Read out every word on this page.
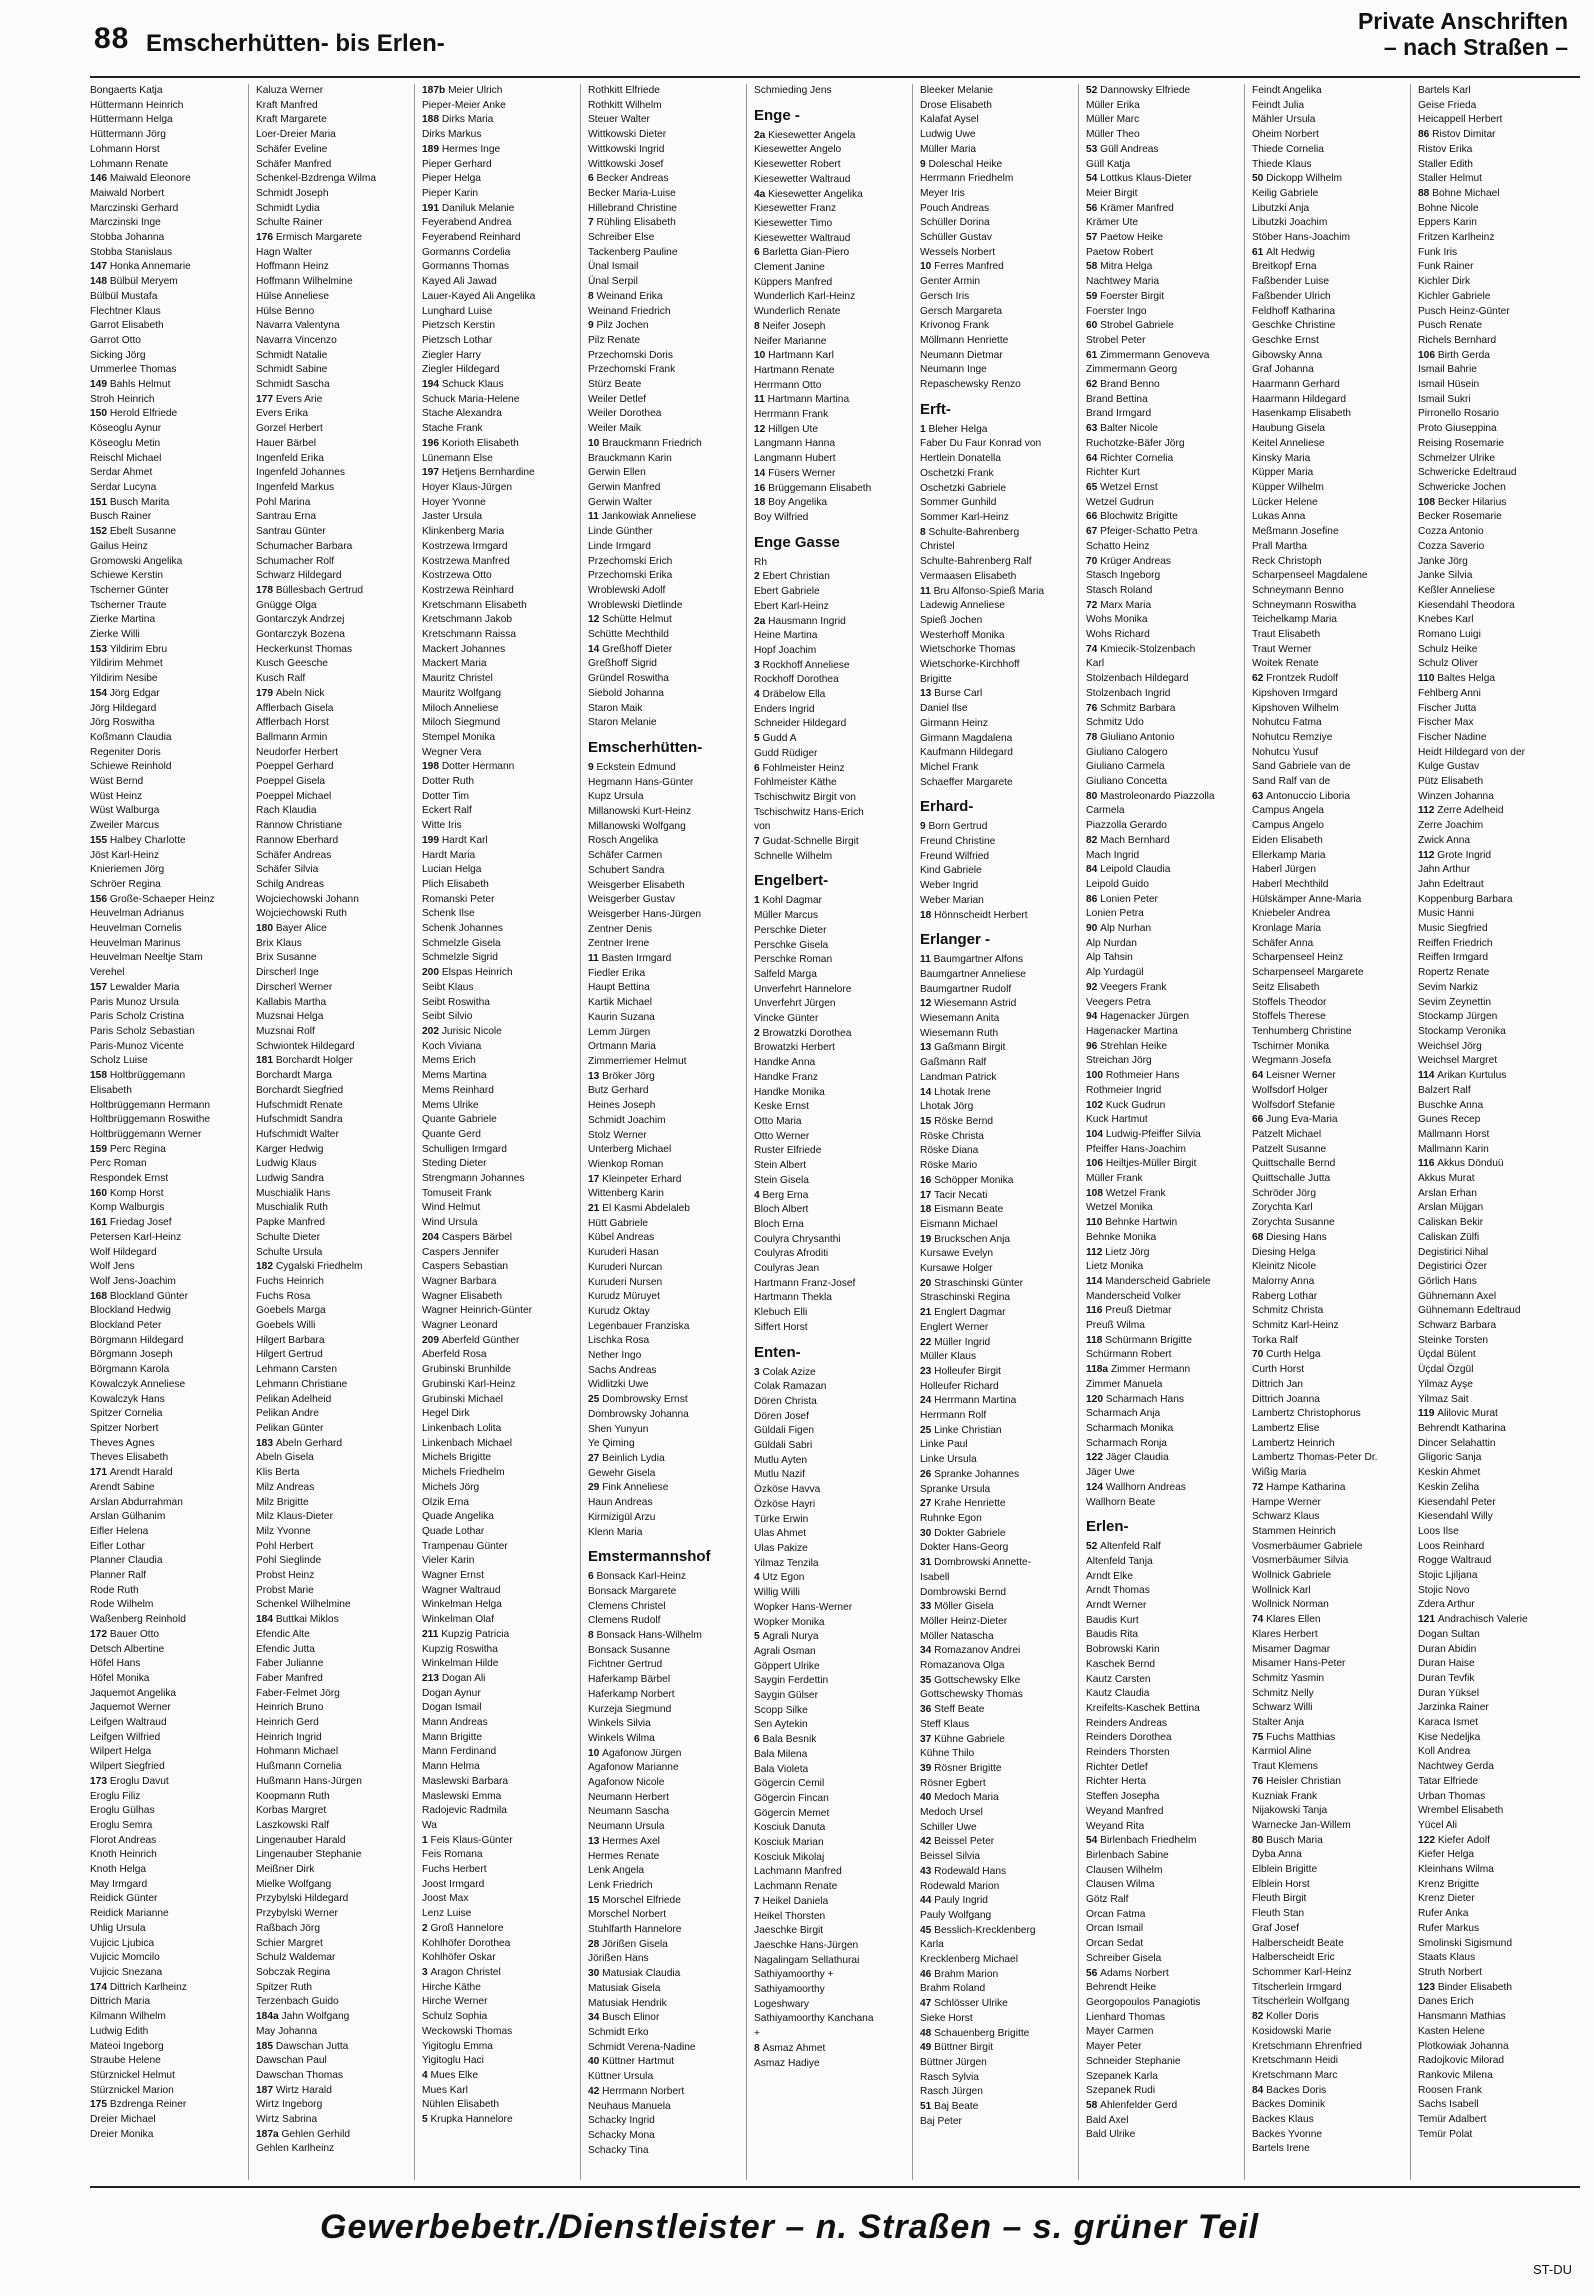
88 Emscherhütten- bis Erlen-
Private Anschriften
– nach Straßen –
Bongaerts Katja
Hüttermann Heinrich
Hüttermann Helga
Hüttermann Jörg
Lohmann Horst
Lohmann Renate
146 Maiwald Eleonore
Maiwald Norbert
Marczinski Gerhard
Marczinski Inge
Stobba Johanna
Stobba Stanislaus
147 Honka Annemarie
148 Bülbül Meryem
Bülbül Mustafa
Flechtner Klaus
Garrot Elisabeth
Garrot Otto
Sicking Jörg
Ummerlee Thomas
149 Bahls Helmut
Stroh Heinrich
150 Herold Elfriede
Köseoglu Aynur
Köseoglu Metin
Reischl Michael
Serdar Ahmet
Serdar Lucyna
151 Busch Marita
Busch Rainer
152 Ebelt Susanne
Gailus Heinz
Gromowski Angelika
Schiewe Kerstin
Tscherner Günter
Tscherner Traute
Zierke Martina
Zierke Willi
153 Yildirim Ebru
Yildirim Mehmet
Yildirim Nesibe
154 Jörg Edgar
Jörg Hildegard
Jörg Roswitha
Koßmann Claudia
Regeniter Doris
Schiewe Reinhold
Wüst Bernd
Wüst Heinz
Wüst Walburga
Zweiler Marcus
155 Halbey Charlotte
Jöst Karl-Heinz
Knieriemen Jörg
Schröer Regina
156 Große-Schaeper Heinz
Heuvelman Adrianus
Heuvelman Cornelis
Heuvelman Marinus
Heuvelman Neeltje Stam
Verehel
157 Lewalder Maria
Paris Munoz Ursula
Paris Scholz Cristina
Paris Scholz Sebastian
Paris-Munoz Vicente
Scholz Luise
158 Holtbrüggemann
Elisabeth
Holtbrüggemann Hermann
Holtbrüggemann Roswithe
Holtbrüggemann Werner
159 Perc Regina
Perc Roman
Respondek Ernst
160 Komp Horst
Komp Walburgis
161 Friedag Josef
Petersen Karl-Heinz
Wolf Hildegard
Wolf Jens
Wolf Jens-Joachim
168 Blockland Günter
Blockland Hedwig
Blockland Peter
Börgmann Hildegard
Börgmann Joseph
Börgmann Karola
Kowalczyk Anneliese
Kowalczyk Hans
Spitzer Cornelia
Spitzer Norbert
Theves Agnes
Theves Elisabeth
171 Arendt Harald
Arendt Sabine
Arslan Abdurrahman
Arslan Gülhanim
Eifler Helena
Eifler Lothar
Planner Claudia
Planner Ralf
Rode Ruth
Rode Wilhelm
Waßenberg Reinhold
172 Bauer Otto
Detsch Albertine
Höfel Hans
Höfel Monika
Jaquemot Angelika
Jaquemot Werner
Leifgen Waltraud
Leifgen Wilfried
Wilpert Helga
Wilpert Siegfried
173 Eroglu Davut
Eroglu Filiz
Eroglu Gülhas
Eroglu Semra
Florot Andreas
Knoth Heinrich
Knoth Helga
May Irmgard
Reidick Günter
Reidick Marianne
Uhlig Ursula
Vujicic Ljubica
Vujicic Momcilo
Vujicic Snezana
174 Dittrich Karlheinz
Dittrich Maria
Kilmann Wilhelm
Ludwig Edith
Mateoi Ingeborg
Straube Helene
Stürznickel Helmut
Stürznickel Marion
175 Bzdrenga Reiner
Dreier Michael
Dreier Monika
Kaluza Werner
Kraft Manfred
Kraft Margarete
Loer-Dreier Maria
Schäfer Eveline
Schäfer Manfred
Schenkel-Bzdrenga Wilma
Schmidt Joseph
Schmidt Lydia
Schulte Rainer
176 Ermisch Margarete
Hagn Walter
Hoffmann Heinz
Hoffmann Wilhelmine
Hülse Anneliese
Hülse Benno
Navarra Valentyna
Navarra Vincenzo
Schmidt Natalie
Schmidt Sabine
Schmidt Sascha
177 Evers Arie
Evers Erika
Gorzel Herbert
Hauer Bärbel
Ingenfeld Erika
Ingenfeld Johannes
Ingenfeld Markus
Pohl Marina
Santrau Erna
Santrau Günter
Schumacher Barbara
Schumacher Rolf
Schwarz Hildegard
178 Büllesbach Gertrud
Gnügge Olga
Gontarczyk Andrzej
Gontarczyk Bozena
Heckerkunst Thomas
Kusch Geesche
Kusch Ralf
179 Abeln Nick
Afflerbach Gisela
Afflerbach Horst
Ballmann Armin
Neudorfer Herbert
Poeppel Gerhard
Poeppel Gisela
Poeppel Michael
Rach Klaudia
Rannow Christiane
Rannow Eberhard
Schäfer Andreas
Schäfer Silvia
Schilg Andreas
Wojciechowski Johann
Wojciechowski Ruth
180 Bayer Alice
Brix Klaus
Brix Susanne
Dirscherl Inge
Dirscherl Werner
Kallabis Martha
Muzsnai Helga
Muzsnai Rolf
Schwiontek Hildegard
181 Borchardt Holger
Borchardt Marga
Borchardt Siegfried
Hufschmidt Renate
Hufschmidt Sandra
Hufschmidt Walter
Karger Hedwig
Ludwig Klaus
Ludwig Sandra
Muschialik Hans
Muschialik Ruth
Papke Manfred
Schulte Dieter
Schulte Ursula
182 Cygalski Friedhelm
Fuchs Heinrich
Fuchs Rosa
Goebels Marga
Goebels Willi
Hilgert Barbara
Hilgert Gertrud
Lehmann Carsten
Lehmann Christiane
Pelikan Adelheid
Pelikan Andre
Pelikan Günter
183 Abeln Gerhard
Abeln Gisela
Klis Berta
Milz Andreas
Milz Brigitte
Milz Klaus-Dieter
Milz Yvonne
Pohl Herbert
Pohl Sieglinde
Probst Heinz
Probst Marie
Schenkel Wilhelmine
184 Buttkai Miklos
Efendic Alte
Efendic Jutta
Faber Julianne
Faber Manfred
Faber-Felmet Jörg
Heinrich Bruno
Heinrich Gerd
Heinrich Ingrid
Hohmann Michael
Hußmann Cornelia
Hußmann Hans-Jürgen
Koopmann Ruth
Korbas Margret
Laszkowski Ralf
Lingenauber Harald
Lingenauber Stephanie
Meißner Dirk
Mielke Wolfgang
Przybylski Hildegard
Przybylski Werner
Raßbach Jörg
Schier Margret
Schulz Waldemar
Sobczak Regina
Spitzer Ruth
Terzenbach Guido
184a Jahn Wolfgang
May Johanna
185 Dawschan Jutta
Dawschan Paul
Dawschan Thomas
187 Wirtz Harald
Wirtz Ingeborg
Wirtz Sabrina
187a Gehlen Gerhild
Gehlen Karlheinz
187b Meier Ulrich
Pieper-Meier Anke
188 Dirks Maria
Dirks Markus
189 Hermes Inge
Pieper Gerhard
Pieper Helga
Pieper Karin
191 Daniluk Melanie
Feyerabend Andrea
Feyerabend Reinhard
Gormanns Cordelia
Gormanns Thomas
Kayed Ali Jawad
Lauer-Kayed Ali Angelika
Lunghard Luise
Pietzsch Kerstin
Pietzsch Lothar
Ziegler Harry
Ziegler Hildegard
194 Schuck Klaus
Schuck Maria-Helene
Stache Alexandra
Stache Frank
196 Korioth Elisabeth
Lünemann Else
197 Hetjens Bernhardine
Hoyer Klaus-Jürgen
Hoyer Yvonne
Jaster Ursula
Klinkenberg Maria
Kostrzewa Irmgard
Kostrzewa Manfred
Kostrzewa Otto
Kostrzewa Reinhard
Kretschmann Elisabeth
Kretschmann Jakob
Kretschmann Raissa
Mackert Johannes
Mackert Maria
Mauritz Christel
Mauritz Wolfgang
Miloch Anneliese
Miloch Siegmund
Stempel Monika
Wegner Vera
198 Dotter Hermann
Dotter Ruth
Dotter Tim
Eckert Ralf
Witte Iris
199 Hardt Karl
Hardt Maria
Lucian Helga
Plich Elisabeth
Romanski Peter
Schenk Ilse
Schenk Johannes
Schmelzle Gisela
Schmelzle Sigrid
200 Elspas Heinrich
Seibt Klaus
Seibt Roswitha
Seibt Silvio
202 Jurisic Nicole
Koch Viviana
Mems Erich
Mems Martina
Mems Reinhard
Mems Ulrike
Quante Gabriele
Quante Gerd
Schulligen Irmgard
Steding Dieter
Strengmann Johannes
Tomuseit Frank
Wind Helmut
Wind Ursula
204 Caspers Bärbel
Caspers Jennifer
Caspers Sebastian
Wagner Barbara
Wagner Elisabeth
Wagner Heinrich-Günter
Wagner Leonard
209 Aberfeld Günther
Aberfeld Rosa
Grubinski Brunhilde
Grubinski Karl-Heinz
Grubinski Michael
Hegel Dirk
Linkenbach Lolita
Linkenbach Michael
Michels Brigitte
Michels Friedhelm
Michels Jörg
Olzik Erna
Quade Angelika
Quade Lothar
Trampenau Günter
Vieler Karin
Wagner Ernst
Wagner Waltraud
Winkelman Helga
Winkelman Olaf
211 Kupzig Patricia
Kupzig Roswitha
Winkelman Hilde
213 Dogan Ali
Dogan Aynur
Dogan Ismail
Mann Andreas
Mann Brigitte
Mann Ferdinand
Mann Helma
Maslewski Barbara
Maslewski Emma
Radojevic Radmila
Wa
1 Feis Klaus-Günter
Feis Romana
Fuchs Herbert
Joost Irmgard
Joost Max
Lenz Luise
2 Groß Hannelore
Kohlhöfer Dorothea
Kohlhöfer Oskar
3 Aragon Christel
Hirche Käthe
Hirche Werner
Schulz Sophia
Weckowski Thomas
Yigitoglu Emma
Yigitoglu Haci
4 Mues Elke
Mues Karl
Nühlen Elisabeth
5 Krupka Hannelore
Rothkitt Elfriede
Rothkitt Wilhelm
Steuer Walter
Wittkowski Dieter
Wittkowski Ingrid
Wittkowski Josef
6 Becker Andreas
Becker Maria-Luise
Hillebrand Christine
7 Rühling Elisabeth
Schreiber Else
Tackenberg Pauline
Ünal Ismail
Ünal Serpil
8 Weinand Erika
Weinand Friedrich
9 Pilz Jochen
Pilz Renate
Przechomski Doris
Przechomski Frank
Stürz Beate
Weiler Detlef
Weiler Dorothea
Weiler Maik
10 Brauckmann Friedrich
Brauckmann Karin
Gerwin Ellen
Gerwin Manfred
Gerwin Walter
11 Jankowiak Anneliese
Linde Günther
Linde Irmgard
Przechomski Erich
Przechomski Erika
Wroblewski Adolf
Wroblewski Dietlinde
12 Schütte Helmut
Schütte Mechthild
14 Greßhoff Dieter
Greßhoff Sigrid
Gründel Roswitha
Siebold Johanna
Staron Maik
Staron Melanie
Emscherhütten-
9 Eckstein Edmund
Hegmann Hans-Günter
Kupz Ursula
Millanowski Kurt-Heinz
Millanowski Wolfgang
Rosch Angelika
Schäfer Carmen
Schubert Sandra
Weisgerber Elisabeth
Weisgerber Gustav
Weisgerber Hans-Jürgen
Zentner Denis
Zentner Irene
11 Basten Irmgard
Fiedler Erika
Haupt Bettina
Kartik Michael
Kaurin Suzana
Lemm Jürgen
Ortmann Maria
Zimmerriemer Helmut
13 Bröker Jörg
Butz Gerhard
Heines Joseph
Schmidt Joachim
Stolz Werner
Unterberg Michael
Wienkop Roman
17 Kleinpeter Erhard
Wittenberg Karin
21 El Kasmi Abdelaleb
Hütt Gabriele
Kübel Andreas
Kuruderi Hasan
Kuruderi Nurcan
Kuruderi Nursen
Kurudz Müruyet
Kurudz Oktay
Legenbauer Franziska
Lischka Rosa
Nether Ingo
Sachs Andreas
Widlitzki Uwe
25 Dombrowsky Ernst
Dombrowsky Johanna
Shen Yunyun
Ye Qiming
27 Beinlich Lydia
Gewehr Gisela
29 Fink Anneliese
Haun Andreas
Kirmizigül Arzu
Klenn Maria
Emstermannshof
6 Bonsack Karl-Heinz
Bonsack Margarete
Clemens Christel
Clemens Rudolf
8 Bonsack Hans-Wilhelm
Bonsack Susanne
Fichtner Gertrud
Haferkamp Bärbel
Haferkamp Norbert
Kurzeja Siegmund
Winkels Silvia
Winkels Wilma
10 Agafonow Jürgen
Agafonow Marianne
Agafonow Nicole
Neumann Herbert
Neumann Sascha
Neumann Ursula
13 Hermes Axel
Hermes Renate
Lenk Angela
Lenk Friedrich
15 Morschel Elfriede
Morschel Norbert
Stuhlfarth Hannelore
28 Jörißen Gisela
Jörißen Hans
30 Matusiak Claudia
Matusiak Gisela
Matusiak Hendrik
34 Busch Elinor
Schmidt Erko
Schmidt Verena-Nadine
40 Küttner Hartmut
Küttner Ursula
42 Herrmann Norbert
Neuhaus Manuela
Schacky Ingrid
Schacky Mona
Schacky Tina
Schmieding Jens
Enge -
2a Kiesewetter Angela
Kiesewetter Angelo
Kiesewetter Robert
Kiesewetter Waltraud
4a Kiesewetter Angelika
Kiesewetter Franz
Kiesewetter Timo
Kiesewetter Waltraud
6 Barletta Gian-Piero
Clement Janine
Küppers Manfred
Wunderlich Karl-Heinz
Wunderlich Renate
8 Neifer Joseph
Neifer Marianne
10 Hartmann Karl
Hartmann Renate
Herrmann Otto
11 Hartmann Martina
Herrmann Frank
12 Hillgen Ute
Langmann Hanna
Langmann Hubert
14 Füsers Werner
16 Brüggemann Elisabeth
18 Boy Angelika
Boy Wilfried
Enge Gasse
Rh
2 Ebert Christian
Ebert Gabriele
Ebert Karl-Heinz
2a Hausmann Ingrid
Heine Martina
Hopf Joachim
3 Rockhoff Anneliese
Rockhoff Dorothea
4 Dräbelow Ella
Enders Ingrid
Schneider Hildegard
5 Gudd A
Gudd Rüdiger
6 Fohlmeister Heinz
Fohlmeister Käthe
Tschischwitz Birgit von
Tschischwitz Hans-Erich
von
7 Gudat-Schnelle Birgit
Schnelle Wilhelm
Engelbert-
1 Kohl Dagmar
Müller Marcus
Perschke Dieter
Perschke Gisela
Perschke Roman
Salfeld Marga
Unverfehrt Hannelore
Unverfehrt Jürgen
Vincke Günter
2 Browatzki Dorothea
Browatzki Herbert
Handke Anna
Handke Franz
Handke Monika
Keske Ernst
Otto Maria
Otto Werner
Ruster Elfriede
Stein Albert
Stein Gisela
4 Berg Erna
Bloch Albert
Bloch Erna
Coulyra Chrysanthi
Coulyras Afroditi
Coulyras Jean
Hartmann Franz-Josef
Hartmann Thekla
Klebuch Elli
Siffert Horst
Enten-
3 Colak Azize
Colak Ramazan
Dören Christa
Dören Josef
Güldali Figen
Güldali Sabri
Mutlu Ayten
Mutlu Nazif
Özköse Havva
Özköse Hayri
Türke Erwin
Ulas Ahmet
Ulas Pakize
Yilmaz Tenzila
4 Utz Egon
Willig Willi
Wopker Hans-Werner
Wopker Monika
5 Agrali Nurya
Agrali Osman
Göppert Ulrike
Saygin Ferdettin
Saygin Gülser
Scopp Silke
Sen Aytekin
6 Bala Besnik
Bala Milena
Bala Violeta
Gögercin Cemil
Gögercin Fincan
Gögercin Memet
Kosciuk Danuta
Kosciuk Marian
Kosciuk Mikolaj
Lachmann Manfred
Lachmann Renate
7 Heikel Daniela
Heikel Thorsten
Jaeschke Birgit
Jaeschke Hans-Jürgen
Nagalingam Sellathurai
Sathiyamoorthy +
Sathiyamoorthy
Logeshwary
Sathiyamoorthy Kanchana
+
8 Asmaz Ahmet
Asmaz Hadiye
Bleeker Melanie
Drose Elisabeth
Kalafat Aysel
Ludwig Uwe
Müller Maria
9 Doleschal Heike
Herrmann Friedhelm
Meyer Iris
Pouch Andreas
Schüller Dorina
Schüller Gustav
Wessels Norbert
10 Ferres Manfred
Genter Armin
Gersch Iris
Gersch Margareta
Krivonog Frank
Möllmann Henriette
Neumann Dietmar
Neumann Inge
Repaschewsky Renzo
Erft-
1 Bleher Helga
Faber Du Faur Konrad von
Hertlein Donatella
Oschetzki Frank
Oschetzki Gabriele
Sommer Gunhild
Sommer Karl-Heinz
8 Schulte-Bahrenberg
Christel
Schulte-Bahrenberg Ralf
Vermaasen Elisabeth
11 Bru Alfonso-Spieß Maria
Ladewig Anneliese
Spieß Jochen
Westerhoff Monika
Wietschorke Thomas
Wietschorke-Kirchhoff
Brigitte
13 Burse Carl
Daniel Ilse
Girmann Heinz
Girmann Magdalena
Kaufmann Hildegard
Michel Frank
Schaeffer Margarete
Erhard-
9 Born Gertrud
Freund Christine
Freund Wilfried
Kind Gabriele
Weber Ingrid
Weber Marian
18 Hönnscheidt Herbert
Erlanger -
11 Baumgartner Alfons
Baumgartner Anneliese
Baumgartner Rudolf
12 Wiesemann Astrid
Wiesemann Anita
Wiesemann Ruth
13 Gaßmann Birgit
Gaßmann Ralf
Landman Patrick
14 Lhotak Irene
Lhotak Jörg
15 Röske Bernd
Röske Christa
Röske Diana
Röske Mario
16 Schöpper Monika
17 Tacir Necati
18 Eismann Beate
Eismann Michael
19 Bruckschen Anja
Kursawe Evelyn
Kursawe Holger
20 Straschinski Günter
Straschinski Regina
21 Englert Dagmar
Englert Werner
22 Müller Ingrid
Müller Klaus
23 Holleufer Birgit
Holleufer Richard
24 Herrmann Martina
Herrmann Rolf
25 Linke Christian
Linke Paul
Linke Ursula
26 Spranke Johannes
Spranke Ursula
27 Krahe Henriette
Ruhnke Egon
30 Dokter Gabriele
Dokter Hans-Georg
31 Dombrowski Annette-
Isabell
Dombrowski Bernd
33 Möller Gisela
Möller Heinz-Dieter
Möller Natascha
34 Romazanov Andrei
Romazanova Olga
35 Gottschewsky Elke
Gottschewsky Thomas
36 Steff Beate
Steff Klaus
37 Kühne Gabriele
Kühne Thilo
39 Rösner Brigitte
Rösner Egbert
40 Medoch Maria
Medoch Ursel
Schiller Uwe
42 Beissel Peter
Beissel Silvia
43 Rodewald Hans
Rodewald Marion
44 Pauly Ingrid
Pauly Wolfgang
45 Besslich-Krecklenberg
Karla
Krecklenberg Michael
46 Brahm Marion
Brahm Roland
47 Schlösser Ulrike
Sieke Horst
48 Schauenberg Brigitte
49 Büttner Birgit
Büttner Jürgen
Rasch Sylvia
Rasch Jürgen
51 Baj Beate
Baj Peter
52 Dannowsky Elfriede
Müller Erika
Müller Marc
Müller Theo
53 Güll Andreas
Güll Katja
54 Lottkus Klaus-Dieter
Meier Birgit
56 Krämer Manfred
Krämer Ute
57 Paetow Heike
Paetow Robert
58 Mitra Helga
Nachtwey Maria
59 Foerster Birgit
Foerster Ingo
60 Strobel Gabriele
Strobel Peter
61 Zimmermann Genoveva
Zimmermann Georg
62 Brand Benno
Brand Bettina
Brand Irmgard
63 Balter Nicole
Ruchotzke-Bäfer Jörg
64 Richter Cornelia
Richter Kurt
65 Wetzel Ernst
Wetzel Gudrun
66 Blochwitz Brigitte
67 Pfeiger-Schatto Petra
Schatto Heinz
70 Krüger Andreas
Stasch Ingeborg
Stasch Roland
72 Marx Maria
Wohs Monika
Wohs Richard
74 Kmiecik-Stolzenbach
Karl
Stolzenbach Hildegard
Stolzenbach Ingrid
76 Schmitz Barbara
Schmitz Udo
78 Giuliano Antonio
Giuliano Calogero
Giuliano Carmela
Giuliano Concetta
80 Mastroleonardo Piazzolla
Carmela
Piazzolla Gerardo
82 Mach Bernhard
Mach Ingrid
84 Leipold Claudia
Leipold Guido
86 Lonien Peter
Lonien Petra
90 Alp Nurhan
Alp Nurdan
Alp Tahsin
Alp Yurdagül
92 Veegers Frank
Veegers Petra
94 Hagenacker Jürgen
Hagenacker Martina
96 Strehlan Heike
Streichan Jörg
100 Rothmeier Hans
Rothmeier Ingrid
102 Kuck Gudrun
Kuck Hartmut
104 Ludwig-Pfeiffer Silvia
Pfeiffer Hans-Joachim
106 Heiltjes-Müller Birgit
Müller Frank
108 Wetzel Frank
Wetzel Monika
110 Behnke Hartwin
Behnke Monika
112 Lietz Jörg
Lietz Monika
114 Manderscheid Gabriele
Manderscheid Volker
116 Preuß Dietmar
Preuß Wilma
118 Schürmann Brigitte
Schürmann Robert
118a Zimmer Hermann
Zimmer Manuela
120 Scharmach Hans
Scharmach Anja
Scharmach Monika
Scharmach Ronja
122 Jäger Claudia
Jäger Uwe
124 Wallhorn Andreas
Wallhorn Beate
Erlen-
52 Altenfeld Ralf
Altenfeld Tanja
Arndt Elke
Arndt Thomas
Arndt Werner
Baudis Kurt
Baudis Rita
Bobrowski Karin
Kaschek Bernd
Kautz Carsten
Kautz Claudia
Kreifelts-Kaschek Bettina
Reinders Andreas
Reinders Dorothea
Reinders Thorsten
Richter Detlef
Richter Herta
Steffen Josepha
Weyand Manfred
Weyand Rita
54 Birlenbach Friedhelm
Birlenbach Sabine
Clausen Wilhelm
Clausen Wilma
Götz Ralf
Orcan Fatma
Orcan Ismail
Orcan Sedat
Schreiber Gisela
56 Adams Norbert
Behrendt Heike
Georgopoulos Panagiotis
Lienhard Thomas
Mayer Carmen
Mayer Peter
Schneider Stephanie
Szepanek Karla
Szepanek Rudi
58 Ahlenfelder Gerd
Bald Axel
Bald Ulrike
Feindt Angelika
Feindt Julia
Mähler Ursula
Oheim Norbert
Thiede Cornelia
Thiede Klaus
50 Dickopp Wilhelm
Keilig Gabriele
Libutzki Anja
Libutzki Joachim
Stöber Hans-Joachim
61 Alt Hedwig
Breitkopf Erna
Faßbender Luise
Faßbender Ulrich
Feldhoff Katharina
Geschke Christine
Geschke Ernst
Gibowsky Anna
Graf Johanna
Haarmann Gerhard
Haarmann Hildegard
Hasenkamp Elisabeth
Haubung Gisela
Keitel Anneliese
Kinsky Maria
Küpper Maria
Küpper Wilhelm
Lücker Helene
Lukas Anna
Meßmann Josefine
Prall Martha
Reck Christoph
Scharpenseel Magdalene
Schneymann Benno
Schneymann Roswitha
Teichelkamp Maria
Traut Elisabeth
Traut Werner
Woitek Renate
62 Frontzek Rudolf
Kipshoven Irmgard
Kipshoven Wilhelm
Nohutcu Fatma
Nohutcu Remziye
Nohutcu Yusuf
Sand Gabriele van de
Sand Ralf van de
63 Antonuccio Liboria
Campus Angela
Campus Angelo
Eiden Elisabeth
Ellerkamp Maria
Haberl Jürgen
Haberl Mechthild
Hülskämper Anne-Maria
Kniebeler Andrea
Kronlage Maria
Schäfer Anna
Scharpenseel Heinz
Scharpenseel Margarete
Seitz Elisabeth
Stoffels Theodor
Stoffels Therese
Tenhumberg Christine
Tschirner Monika
Wegmann Josefa
64 Leisner Werner
Wolfsdorf Holger
Wolfsdorf Stefanie
66 Jung Eva-Maria
Patzelt Michael
Patzelt Susanne
Quittschalle Bernd
Quittschalle Jutta
Schröder Jörg
Zorychta Karl
Zorychta Susanne
68 Diesing Hans
Diesing Helga
Kleinitz Nicole
Malorny Anna
Raberg Lothar
Schmitz Christa
Schmitz Karl-Heinz
Torka Ralf
70 Curth Helga
Curth Horst
Dittrich Jan
Dittrich Joanna
Lambertz Christophorus
Lambertz Elise
Lambertz Heinrich
Lambertz Thomas-Peter Dr.
Wißig Maria
72 Hampe Katharina
Hampe Werner
Schwarz Klaus
Stammen Heinrich
Vosmerbäumer Gabriele
Vosmerbäumer Silvia
Wollnick Gabriele
Wollnick Karl
Wollnick Norman
74 Klares Ellen
Klares Herbert
Misamer Dagmar
Misamer Hans-Peter
Schmitz Yasmin
Schmitz Nelly
Schwarz Willi
Stalter Anja
75 Fuchs Matthias
Karmiol Aline
Traut Klemens
76 Heisler Christian
Kuzniak Frank
Nijakowski Tanja
Warnecke Jan-Willem
80 Busch Maria
Dyba Anna
Elblein Brigitte
Elblein Horst
Fleuth Birgit
Fleuth Stan
Graf Josef
Halberscheidt Beate
Halberscheidt Eric
Schommer Karl-Heinz
Titscherlein Irmgard
Titscherlein Wolfgang
82 Koller Doris
Kosidowski Marie
Kretschmann Ehrenfried
Kretschmann Heidi
Kretschmann Marc
84 Backes Doris
Backes Dominik
Backes Klaus
Backes Yvonne
Bartels Irene
Bartels Karl
Geise Frieda
Heicappell Herbert
86 Ristov Dimitar
Ristov Erika
Staller Edith
Staller Helmut
88 Bohne Michael
Bohne Nicole
Eppers Karin
Fritzen Karlheinz
Funk Iris
Funk Rainer
Kichler Dirk
Kichler Gabriele
Pusch Heinz-Günter
Pusch Renate
Richels Bernhard
106 Birth Gerda
Ismail Bahrie
Ismail Hüsein
Ismail Sukri
Pirronello Rosario
Proto Giuseppina
Reising Rosemarie
Schmelzer Ulrike
Schwericke Edeltraud
Schwericke Jochen
108 Becker Hilarius
Becker Rosemarie
Cozza Antonio
Cozza Saverio
Janke Jörg
Janke Silvia
Keßler Anneliese
Kiesendahl Theodora
Knebes Karl
Romano Luigi
Schulz Heike
Schulz Oliver
110 Baltes Helga
Fehlberg Anni
Fischer Jutta
Fischer Max
Fischer Nadine
Heidt Hildegard von der
Kulge Gustav
Pütz Elisabeth
Winzen Johanna
112 Zerre Adelheid
Zerre Joachim
Zwick Anna
112 Grote Ingrid
Jahn Arthur
Jahn Edeltraut
Koppenburg Barbara
Music Hanni
Music Siegfried
Reiffen Friedrich
Reiffen Irmgard
Ropertz Renate
Sevim Narkiz
Sevim Zeynettin
Stockamp Jürgen
Stockamp Veronika
Weichsel Jörg
Weichsel Margret
114 Arikan Kurtulus
Balzert Ralf
Buschke Anna
Gunes Recep
Mallmann Horst
Mallmann Karin
116 Akkus Dönduü
Akkus Murat
Arslan Erhan
Arslan Müjgan
Caliskan Bekir
Caliskan Zülfi
Degistirici Nihal
Degistirici Özer
Görlich Hans
Gühnemann Axel
Gühnemann Edeltraud
Schwarz Barbara
Steinke Torsten
Üçdal Bülent
Üçdal Özgül
Yilmaz Ayşe
Yilmaz Sait
119 Alilovic Murat
Behrendt Katharina
Dincer Selahattin
Gligoric Sanja
Keskin Ahmet
Keskin Zeliha
Kiesendahl Peter
Kiesendahl Willy
Loos Ilse
Loos Reinhard
Rogge Waltraud
Stojic Ljiljana
Stojic Novo
Zdera Arthur
121 Andrachisch Valerie
Dogan Sultan
Duran Abidin
Duran Haise
Duran Tevfik
Duran Yüksel
Jarzinka Rainer
Karaca Ismet
Kise Nedeljka
Koll Andrea
Nachtwey Gerda
Tatar Elfriede
Urban Thomas
Wrembel Elisabeth
Yücel Ali
122 Kiefer Adolf
Kiefer Helga
Kleinhans Wilma
Krenz Brigitte
Krenz Dieter
Rufer Anka
Rufer Markus
Smolinski Sigismund
Staats Klaus
Struth Norbert
123 Binder Elisabeth
Danes Erich
Hansmann Mathias
Kasten Helene
Plotkowiak Johanna
Radojkovic Milorad
Rankovic Milena
Roosen Frank
Sachs Isabell
Temür Adalbert
Temür Polat
Gewerbebetr./Dienstleister – n. Straßen – s. grüner Teil
ST-DU
